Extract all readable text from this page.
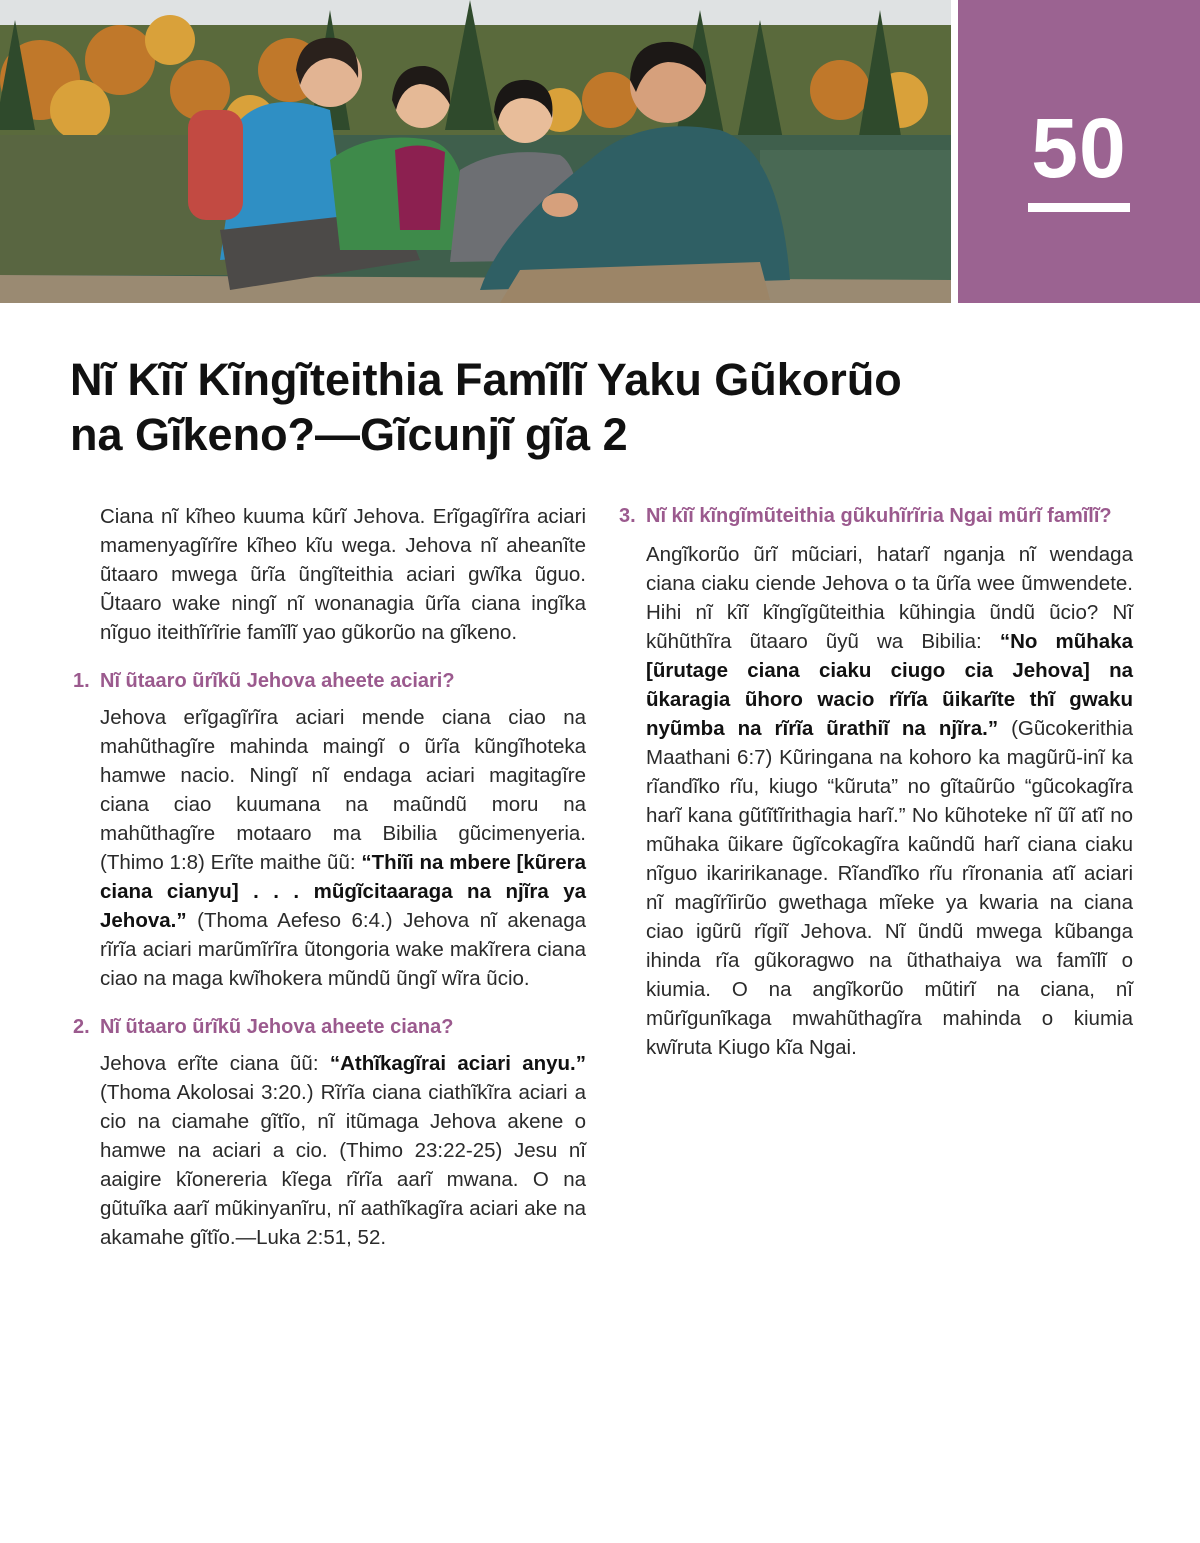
50
Nĩ Kĩĩ Kĩngĩteithia Famĩlĩ Yaku Gũkorũo
na Gĩkeno?—Gĩcunjĩ gĩa 2

Ciana nĩ kĩheo kuuma kũrĩ Jehova. Erĩgagĩrĩra aciari mamenyagĩrĩre kĩheo kĩu wega. Jehova nĩ aheanĩte ũtaaro mwega ũrĩa ũngĩteithia aciari gwĩka ũguo. Ũtaaro wake ningĩ nĩ wonanagia ũrĩa ciana ingĩka nĩguo iteithĩrĩrie famĩlĩ yao gũkorũo na gĩkeno.

1. Nĩ ũtaaro ũrĩkũ Jehova aheete aciari?

Jehova erĩgagĩrĩra aciari mende ciana ciao na mahũthagĩre mahinda maingĩ o ũrĩa kũngĩhoteka hamwe nacio. Ningĩ nĩ endaga aciari magitagĩre ciana ciao kuumana na maũndũ moru na mahũthagĩre motaaro ma Bibilia gũcimenyeria. (Thimo 1:8) Erĩte maithe ũũ: “Thiĩi na mbere [kũrera ciana cianyu] . . . mũgĩcitaaraga na njĩra ya Jehova.” (Thoma Aefeso 6:4.) Jehova nĩ akenaga rĩrĩa aciari marũmĩrĩra ũtongoria wake makĩrera ciana ciao na maga kwĩhokera mũndũ ũngĩ wĩra ũcio.

2. Nĩ ũtaaro ũrĩkũ Jehova aheete ciana?

Jehova erĩte ciana ũũ: “Athĩkagĩrai aciari anyu.” (Thoma Akolosai 3:20.) Rĩrĩa ciana ciathĩkĩra aciari a cio na ciamahe gĩtĩo, nĩ itũmaga Jehova akene o hamwe na aciari a cio. (Thimo 23:22-25) Jesu nĩ aaigire kĩonereria kĩega rĩrĩa aarĩ mwana. O na gũtuĩka aarĩ mũkinyanĩru, nĩ aathĩkagĩra aciari ake na akamahe gĩtĩo.—Luka 2:51, 52.

3. Nĩ kĩĩ kĩngĩmũteithia gũkuhĩrĩria Ngai mũrĩ famĩlĩ?

Angĩkorũo ũrĩ mũciari, hatarĩ nganja nĩ wendaga ciana ciaku ciende Jehova o ta ũrĩa wee ũmwendete. Hihi nĩ kĩĩ kĩngĩgũteithia kũhingia ũndũ ũcio? Nĩ kũhũthĩra ũtaaro ũyũ wa Bibilia: “No mũhaka [ũrutage ciana ciaku ciugo cia Jehova] na ũkaragia ũhoro wacio rĩrĩa ũikarĩte thĩ gwaku nyũmba na rĩrĩa ũrathiĩ na njĩra.” (Gũcokerithia Maathani 6:7) Kũringana na kohoro ka magũrũ-inĩ ka rĩandĩko rĩu, kiugo “kũruta” no gĩtaũrũo “gũcokagĩra harĩ kana gũtĩtĩrithagia harĩ.” No kũhoteke nĩ ũĩ atĩ no mũhaka ũikare ũgĩcokagĩra kaũndũ harĩ ciana ciaku nĩguo ikaririkanage. Rĩandĩko rĩu rĩronania atĩ aciari nĩ magĩrĩirũo gwethaga mĩeke ya kwaria na ciana ciao igũrũ rĩgiĩ Jehova. Nĩ ũndũ mwega kũbanga ihinda rĩa gũkoragwo na ũthathaiya wa famĩlĩ o kiumia. O na angĩkorũo mũtirĩ na ciana, nĩ mũrĩgunĩkaga mwahũthagĩra mahinda o kiumia kwĩruta Kiugo kĩa Ngai.
